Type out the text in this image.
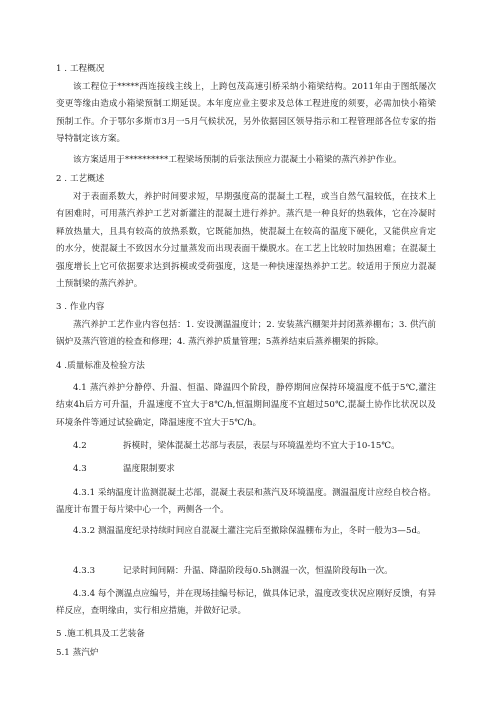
1 . 工程概况
该工程位于*****西连接线主线上，上跨包茂高速引桥采纳小箱梁结构。2011年由于图纸屡次变更等缘由造成小箱梁预制工期延误。本年度应业主要求及总体工程进度的须要，必需加快小箱梁预制工作。介于鄂尔多斯市3月一5月气候状况，另外依据园区领导指示和工程管理部各位专家的指导特制定该方案。
该方案适用于**********工程梁场预制的后张法预应力混凝土小箱梁的蒸汽养护作业。
2 . 工艺概述
对于表面系数大，养护时间要求短，早期强度高的混凝土工程，或当自然气温较低，在技术上有困难时，可用蒸汽养护工艺对新灌注的混凝土进行养护。蒸汽是一种良好的热载体，它在冷凝时释放热量大，且具有较高的放热系数，它既能加热，使混凝土在较高的温度下硬化，又能供应肯定的水分，使混凝土不致因水分过量蒸发而出现表面干燥脱水。在工艺上比较时加热困难；在混凝土强度增长上它可依据要求达到拆模或受荷强度，这是一种快速湿热养护工艺。较适用于预应力混凝土预制梁的蒸汽养护。
3 . 作业内容
蒸汽养护工艺作业内容包括：1. 安设测温温度计；2. 安装蒸汽棚架并封闭蒸养棚布；3. 供汽前锅炉及蒸汽管道的检查和修理；4. 蒸汽养护质量管理；5蒸养结束后蒸养棚架的拆除。
4 .质量标准及检验方法
4.1 蒸汽养护分静停、升温、恒温、降温四个阶段，静停期间应保持环境温度不低于5℃,灌注结束4h后方可升温，升温速度不宜大于8℃/h,恒温期间温度不宜超过50℃,混凝土协作比状况以及环境条件等通过试验确定，降温速度不宜大于5℃/h。
4.2	拆模时，梁体混凝土芯部与表层，表层与环境温差均不宜大于10-15℃。
4.3	温度限制要求
4.3.1 采纳温度计监测混凝土芯部，混凝土表层和蒸汽及环境温度。测温温度计应经自校合格。温度计布置于每片梁中心一个，两侧各一个。
4.3.2 测温温度纪录持续时间应自混凝土灌注完后至撤除保温棚布为止，冬时一般为3—5d。
4.3.3	记录时间间隔：升温、降温阶段每0.5h测温一次，恒温阶段每lh一次。
4.3.4 每个测温点应编号，并在现场挂编号标记，做具体记录，温度改变状况应刚好反馈，有异样反应，查明缘由，实行相应措施，并做好记录。
5 .施工机具及工艺装备
5.1 蒸汽炉
